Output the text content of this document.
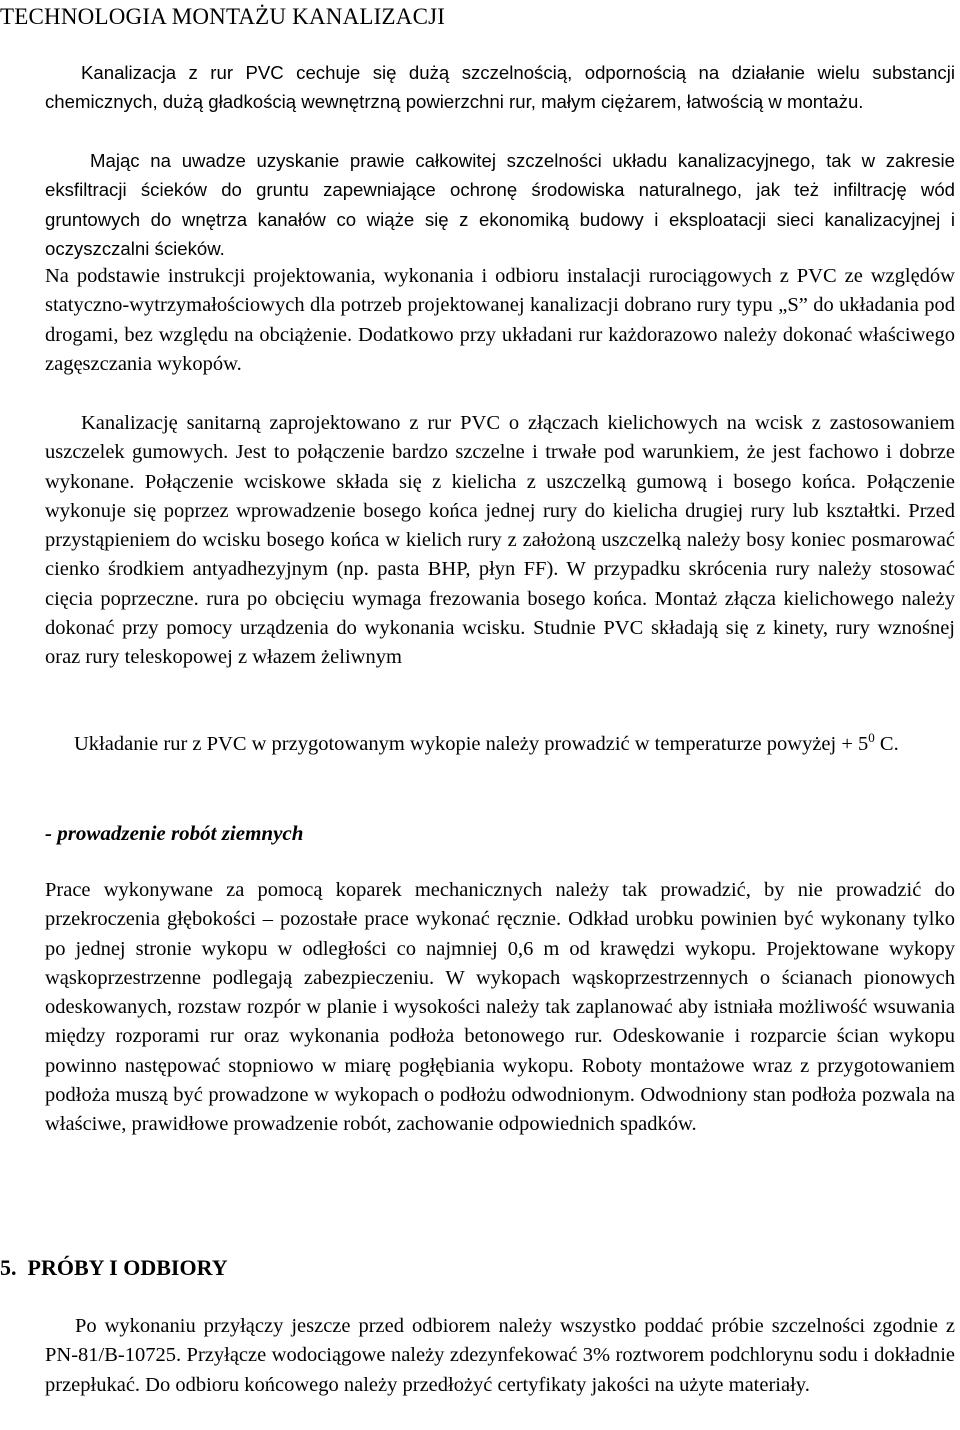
TECHNOLOGIA MONTAŻU KANALIZACJI

Kanalizacja z rur PVC cechuje się dużą szczelnością, odpornością na działanie wielu substancji chemicznych, dużą gładkością wewnętrzną powierzchni rur, małym ciężarem, łatwością w montażu.

Mając na uwadze uzyskanie prawie całkowitej szczelności układu kanalizacyjnego, tak w zakresie eksfiltracji ścieków do gruntu zapewniające ochronę środowiska naturalnego, jak też infiltrację wód gruntowych do wnętrza kanałów co wiąże się z ekonomiką budowy i eksploatacji sieci kanalizacyjnej i oczyszczalni ścieków.

Na podstawie instrukcji projektowania, wykonania i odbioru instalacji rurociągowych z PVC ze względów statyczno-wytrzymałościowych dla potrzeb projektowanej kanalizacji dobrano rury typu „S” do układania pod drogami, bez względu na obciążenie. Dodatkowo przy układani rur każdorazowo należy dokonać właściwego zagęszczania wykopów.

Kanalizację sanitarną zaprojektowano z rur PVC o złączach kielichowych na wcisk z zastosowaniem uszczelek gumowych. Jest to połączenie bardzo szczelne i trwałe pod warunkiem, że jest fachowo i dobrze wykonane. Połączenie wciskowe składa się z kielicha z uszczelką gumową i bosego końca. Połączenie wykonuje się poprzez wprowadzenie bosego końca jednej rury do kielicha drugiej rury lub kształtki. Przed przystąpieniem do wcisku bosego końca w kielich rury z założoną uszczelką należy bosy koniec posmarować cienko środkiem antyadhezyjnym (np. pasta BHP, płyn FF). W przypadku skrócenia rury należy stosować cięcia poprzeczne. rura po obcięciu wymaga frezowania bosego końca. Montaż złącza kielichowego należy dokonać przy pomocy urządzenia do wykonania wcisku. Studnie PVC składają się z kinety, rury wznośnej oraz rury teleskopowej z włazem żeliwnym

Układanie rur z PVC w przygotowanym wykopie należy prowadzić w temperaturze powyżej + $5^0$ C.

- prowadzenie robót ziemnych

Prace wykonywane za pomocą koparek mechanicznych należy tak prowadzić, by nie prowadzić do przekroczenia głębokości – pozostałe prace wykonać ręcznie. Odkład urobku powinien być wykonany tylko po jednej stronie wykopu w odległości co najmniej 0,6 m od krawędzi wykopu. Projektowane wykopy wąskoprzestrzenne podlegają zabezpieczeniu. W wykopach wąskoprzestrzennych o ścianach pionowych odeskowanych, rozstaw rozpór w planie i wysokości należy tak zaplanować aby istniała możliwość wsuwania między rozporami rur oraz wykonania podłoża betonowego rur. Odeskowanie i rozparcie ścian wykopu powinno następować stopniowo w miarę pogłębiania wykopu. Roboty montażowe wraz z przygotowaniem podłoża muszą być prowadzone w wykopach o podłożu odwodnionym. Odwodniony stan podłoża pozwala na właściwe, prawidłowe prowadzenie robót, zachowanie odpowiednich spadków.

5.  PRÓBY I ODBIORY

Po wykonaniu przyłączy jeszcze przed odbiorem należy wszystko poddać próbie szczelności zgodnie z PN-81/B-10725. Przyłącze wodociągowe należy zdezynfekować 3% roztworem podchlorynu sodu i dokładnie przepłukać. Do odbioru końcowego należy przedłożyć certyfikaty jakości na użyte materiały.
